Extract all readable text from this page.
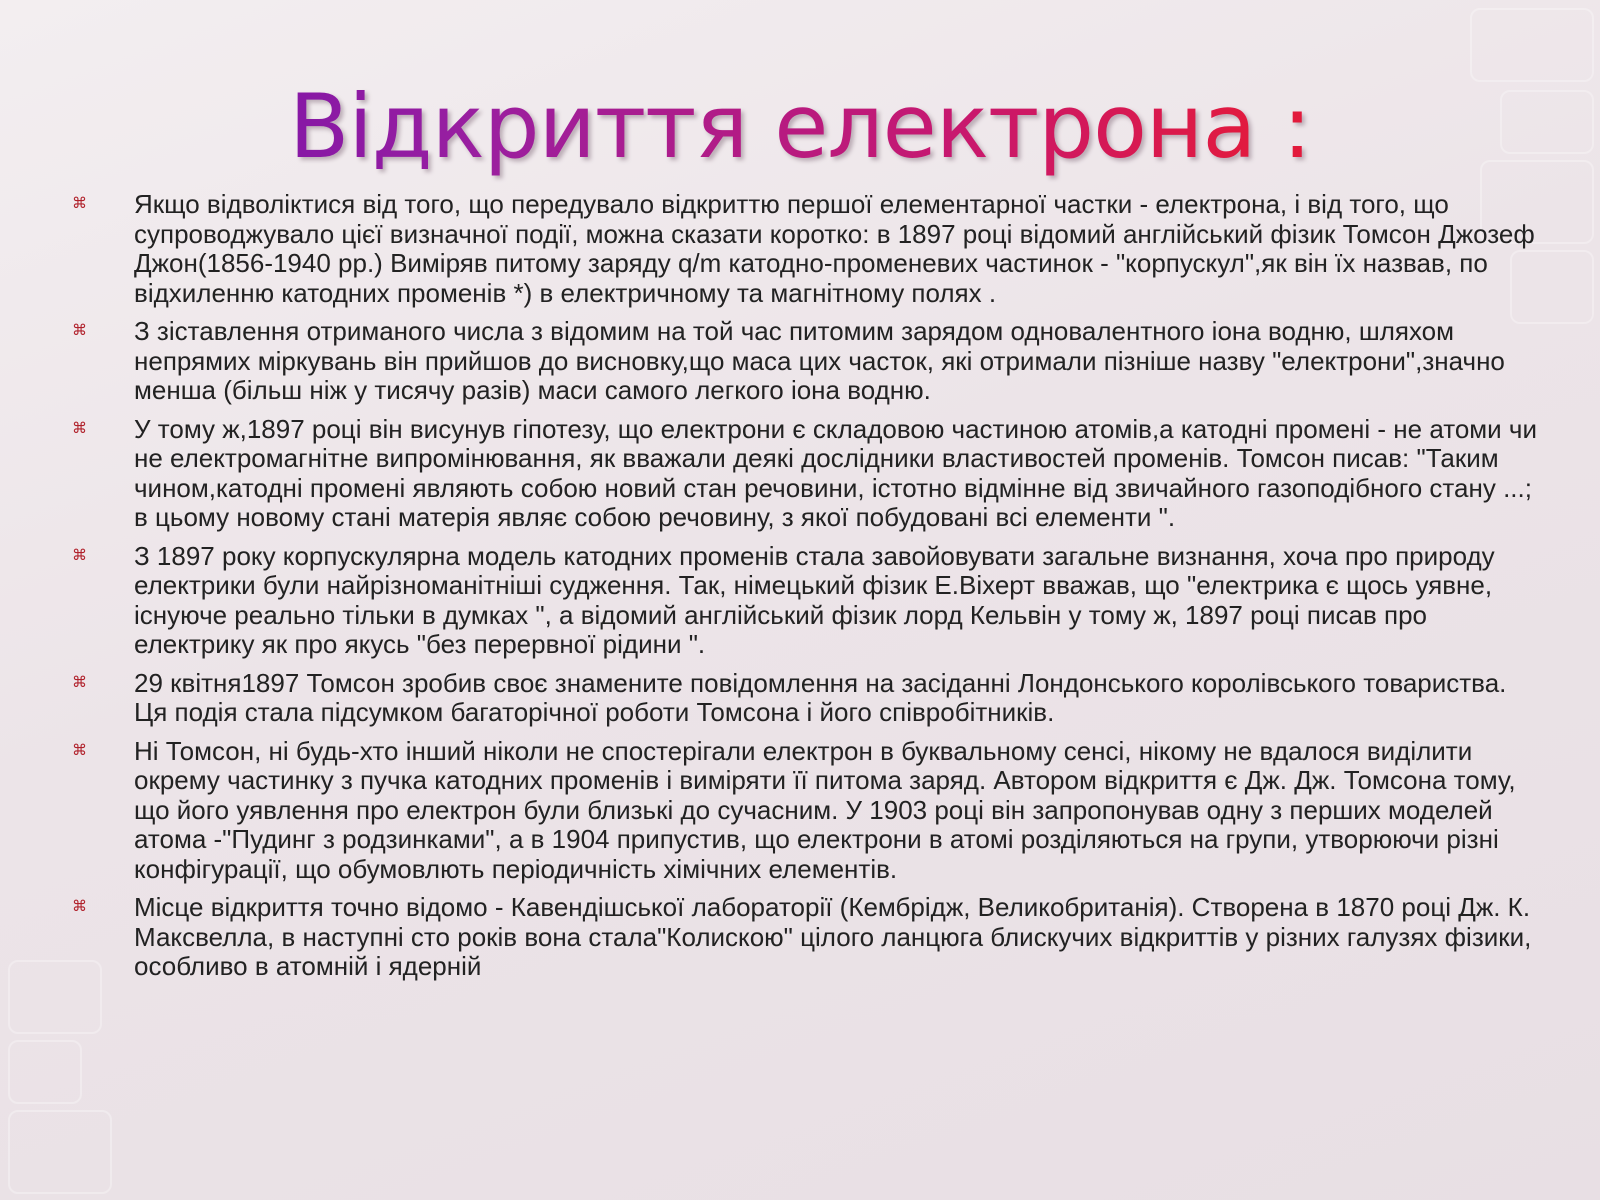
Відкриття електрона :
⌘ Якщо відволіктися від того, що передувало відкриттю першої елементарної частки - електрона, і від того, що супроводжувало цієї визначної події, можна сказати коротко: в 1897 році відомий англійський фізик Томсон Джозеф Джон(1856-1940 рр.) Виміряв питому заряду q/m катодно-променевих частинок - "корпускул",як він їх назвав, по відхиленню катодних променів *) в електричному та магнітному полях .
⌘ З зіставлення отриманого числа з відомим на той час питомим зарядом одновалентного іона водню, шляхом непрямих міркувань він прийшов до висновку,що маса цих часток, які отримали пізніше назву "електрони",значно менша (більш ніж у тисячу разів) маси самого легкого іона водню.
⌘ У тому ж,1897 році він висунув гіпотезу, що електрони є складовою частиною атомів,а катодні промені - не атоми чи не електромагнітне випромінювання, як вважали деякі дослідники властивостей променів. Томсон писав: "Таким чином,катодні промені являють собою новий стан речовини, істотно відмінне від звичайного газоподібного стану ...; в цьому новому стані матерія являє собою речовину, з якої побудовані всі елементи ".
⌘ З 1897 року корпускулярна модель катодних променів стала завойовувати загальне визнання, хоча про природу електрики були найрізноманітніші судження. Так, німецький фізик Е.Віхерт вважав, що "електрика є щось уявне, існуюче реально тільки в думках ", а відомий англійський фізик лорд Кельвін у тому ж, 1897 році писав про електрику як про якусь "без перервної рідини ".
⌘ 29 квітня1897 Томсон зробив своє знамените повідомлення на засіданні Лондонського королівського товариства. Ця подія стала підсумком багаторічної роботи Томсона і його співробітників.
⌘ Ні Томсон, ні будь-хто інший ніколи не спостерігали електрон в буквальному сенсі, нікому не вдалося виділити окрему частинку з пучка катодних променів і виміряти її питома заряд. Автором відкриття є Дж. Дж. Томсона тому, що його уявлення про електрон були близькі до сучасним. У 1903 році він запропонував одну з перших моделей атома -"Пудинг з родзинками", а в 1904 припустив, що електрони в атомі розділяються на групи, утворюючи різні конфігурації, що обумовлють періодичність хімічних елементів.
⌘ Місце відкриття точно відомо - Кавендішської лабораторії (Кембрідж, Великобританія). Створена в 1870 році Дж. К. Максвелла, в наступні сто років вона стала"Колискою" цілого ланцюга блискучих відкриттів у різних галузях фізики, особливо в атомній і ядерній
